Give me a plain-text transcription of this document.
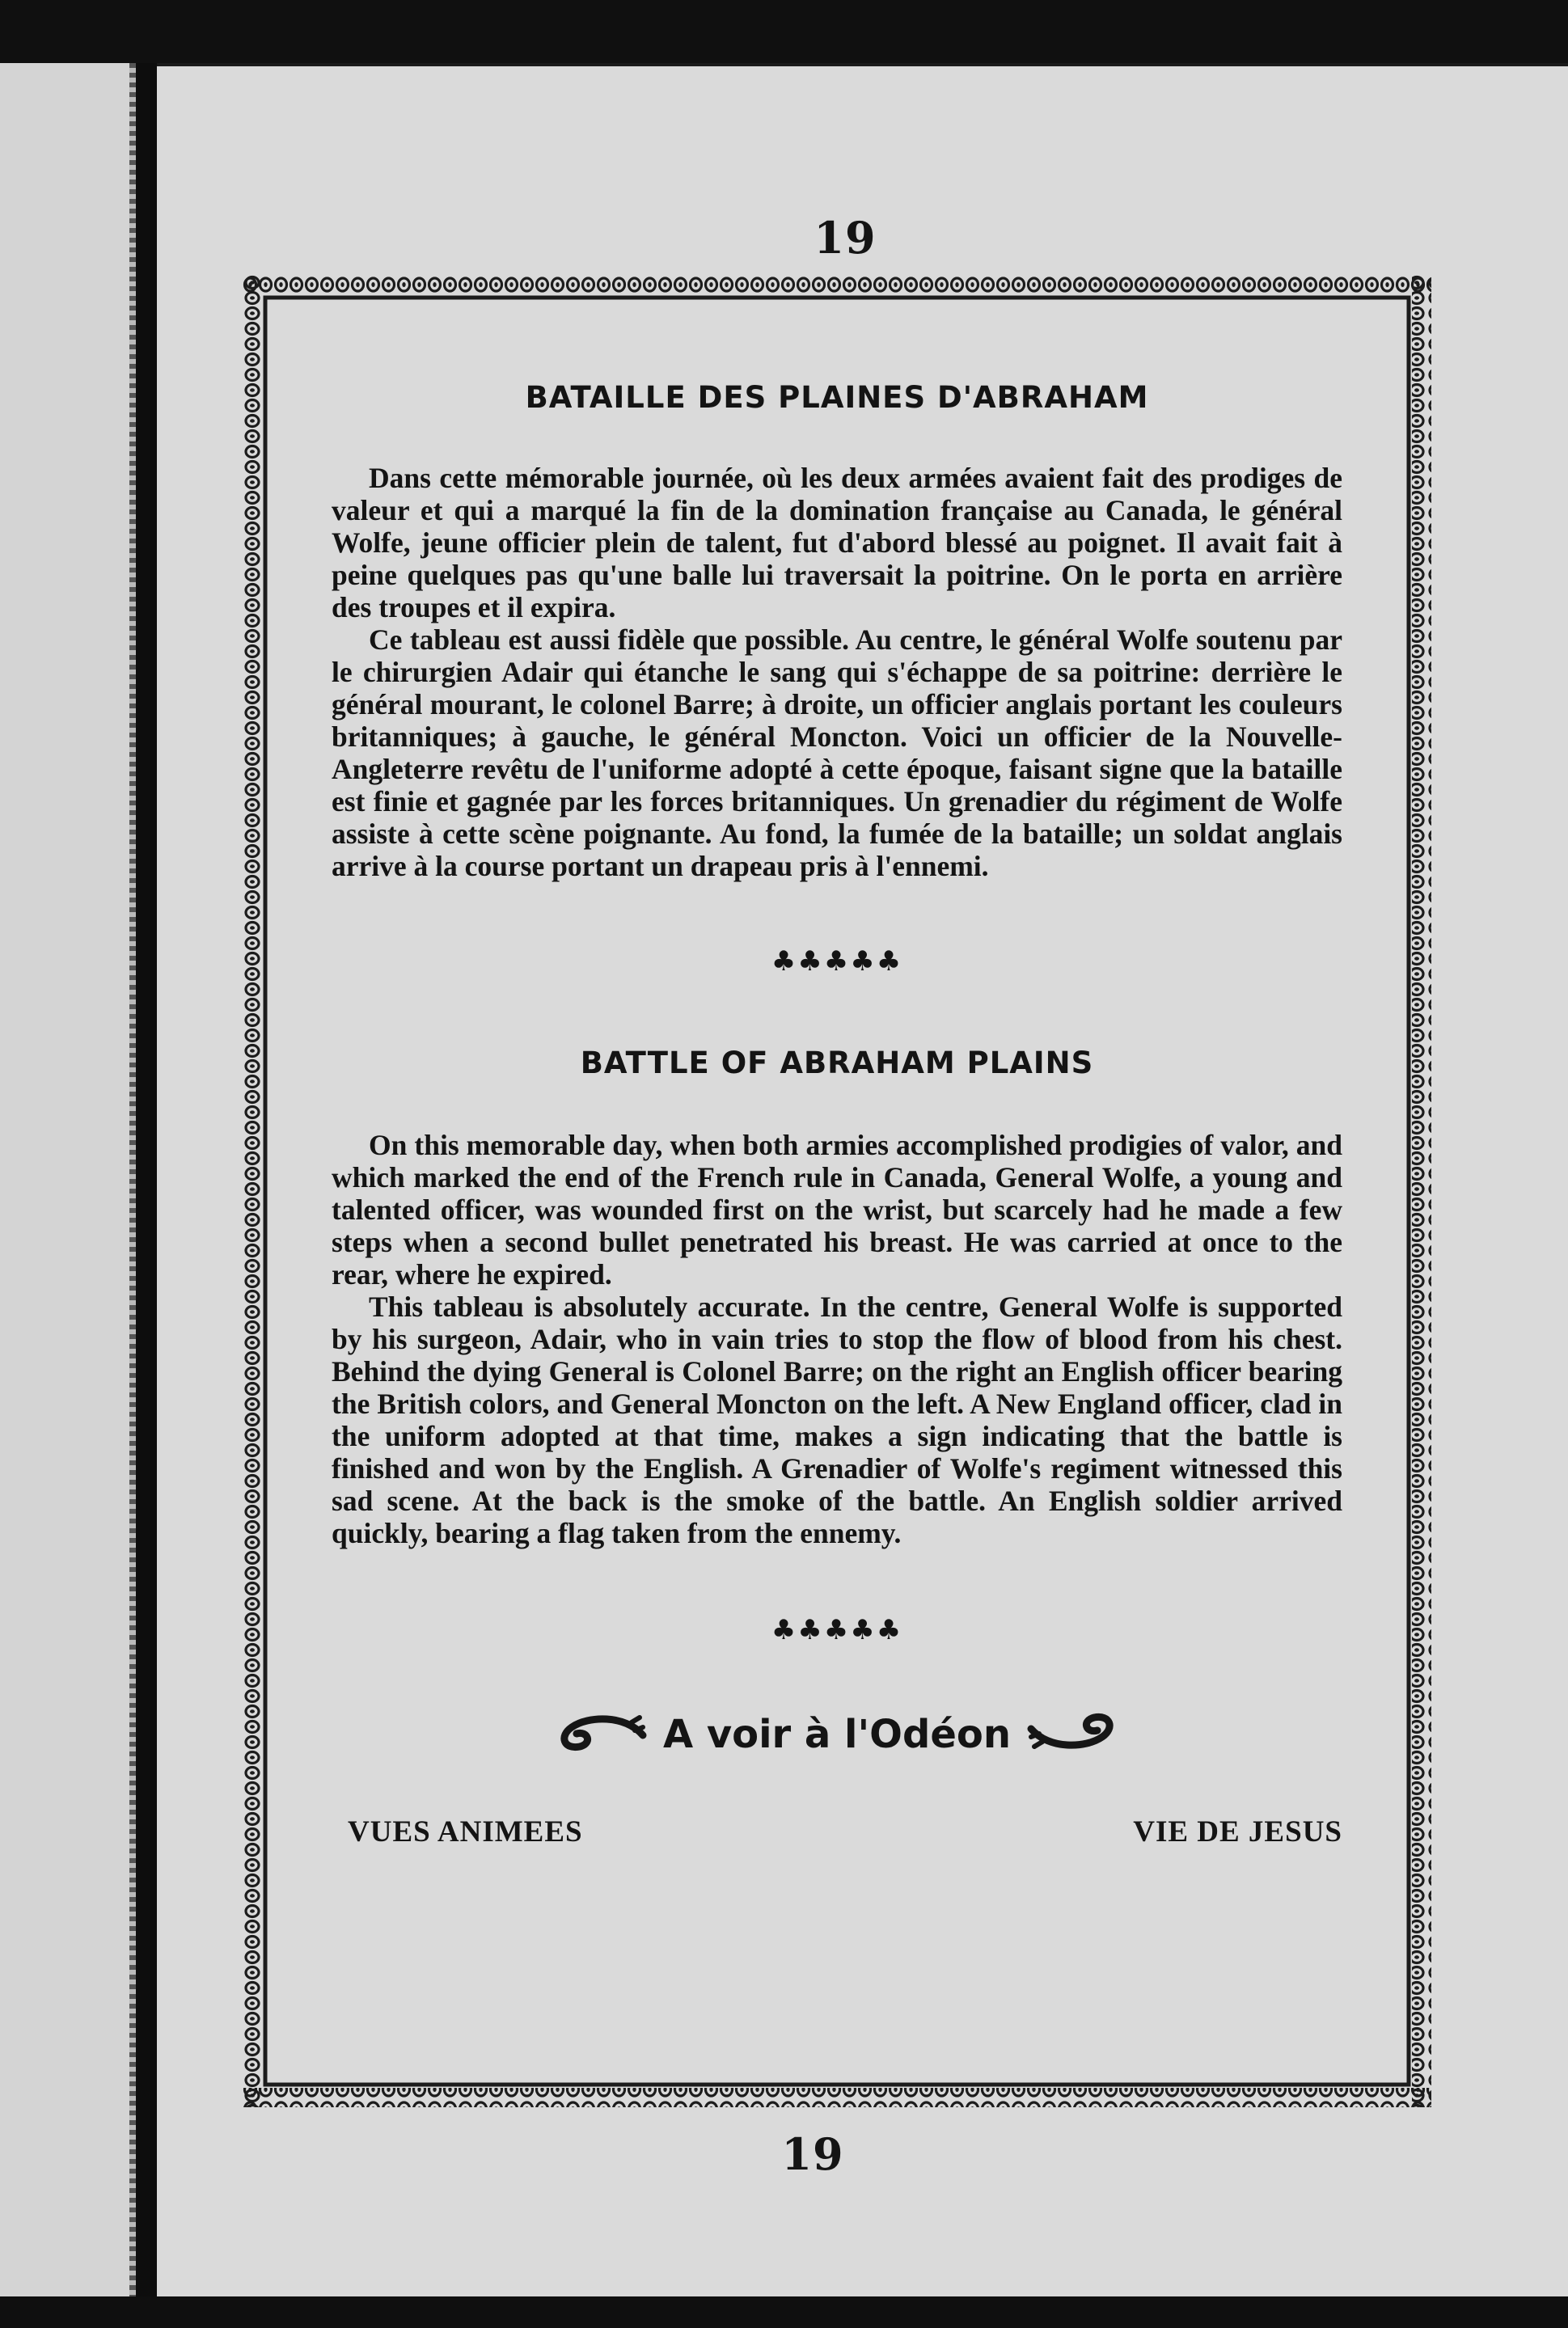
19
BATAILLE DES PLAINES D'ABRAHAM

Dans cette mémorable journée, où les deux armées avaient fait des prodiges de valeur et qui a marqué la fin de la domination française au Canada, le général Wolfe, jeune officier plein de talent, fut d'abord blessé au poignet. Il avait fait à peine quelques pas qu'une balle lui traversait la poitrine. On le porta en arrière des troupes et il expira.

Ce tableau est aussi fidèle que possible. Au centre, le général Wolfe soutenu par le chirurgien Adair qui étanche le sang qui s'échappe de sa poitrine: derrière le général mourant, le colonel Barre; à droite, un officier anglais portant les couleurs britanniques; à gauche, le général Moncton. Voici un officier de la Nouvelle-Angleterre revêtu de l'uniforme adopté à cette époque, faisant signe que la bataille est finie et gagnée par les forces britanniques. Un grenadier du régiment de Wolfe assiste à cette scène poignante. Au fond, la fumée de la bataille; un soldat anglais arrive à la course portant un drapeau pris à l'ennemi.

♣♣♣♣♣
BATTLE OF ABRAHAM PLAINS

On this memorable day, when both armies accomplished prodigies of valor, and which marked the end of the French rule in Canada, General Wolfe, a young and talented officer, was wounded first on the wrist, but scarcely had he made a few steps when a second bullet penetrated his breast. He was carried at once to the rear, where he expired.

This tableau is absolutely accurate. In the centre, General Wolfe is supported by his surgeon, Adair, who in vain tries to stop the flow of blood from his chest. Behind the dying General is Colonel Barre; on the right an English officer bearing the British colors, and General Moncton on the left. A New England officer, clad in the uniform adopted at that time, makes a sign indicating that the battle is finished and won by the English. A Grenadier of Wolfe's regiment witnessed this sad scene. At the back is the smoke of the battle. An English soldier arrived quickly, bearing a flag taken from the ennemy.

♣♣♣♣♣
A voir à l'Odéon
VUES ANIMEES	VIE DE JESUS
19
